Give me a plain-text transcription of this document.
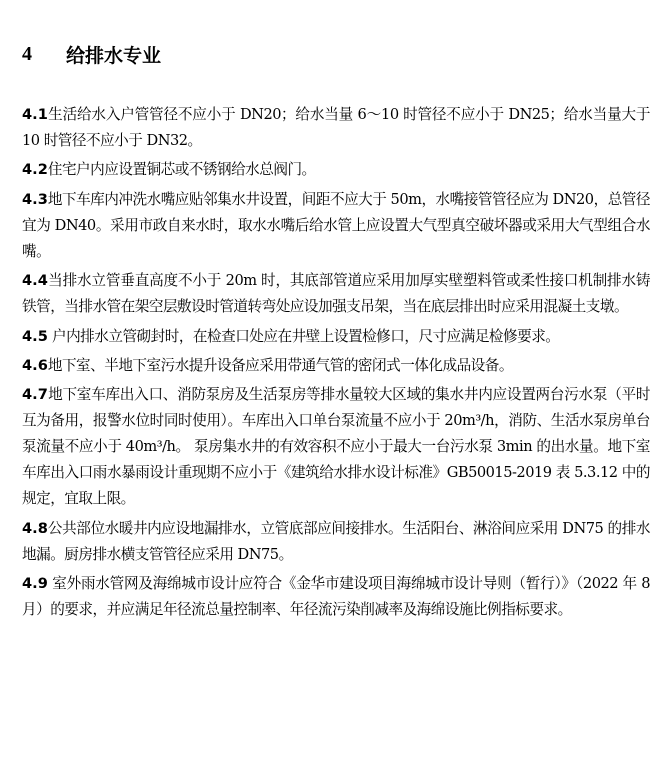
4	给排水专业

4.1生活给水入户管管径不应小于 DN20；给水当量 6～10 时管径不应小于 DN25；给水当量大于 10 时管径不应小于 DN32。

4.2住宅户内应设置铜芯或不锈钢给水总阀门。

4.3地下车库内冲洗水嘴应贴邻集水井设置，间距不应大于 50m，水嘴接管管径应为 DN20，总管径宜为 DN40。采用市政自来水时，取水水嘴后给水管上应设置大气型真空破坏器或采用大气型组合水嘴。

4.4当排水立管垂直高度不小于 20m 时，其底部管道应采用加厚实壁塑料管或柔性接口机制排水铸铁管，当排水管在架空层敷设时管道转弯处应设加强支吊架，当在底层排出时应采用混凝土支墩。

4.5 户内排水立管砌封时，在检查口处应在井壁上设置检修口，尺寸应满足检修要求。

4.6地下室、半地下室污水提升设备应采用带通气管的密闭式一体化成品设备。

4.7地下室车库出入口、消防泵房及生活泵房等排水量较大区域的集水井内应设置两台污水泵（平时互为备用，报警水位时同时使用）。车库出入口单台泵流量不应小于 20m³/h，消防、生活水泵房单台泵流量不应小于 40m³/h。 泵房集水井的有效容积不应小于最大一台污水泵 3min 的出水量。地下室车库出入口雨水暴雨设计重现期不应小于《建筑给水排水设计标准》GB50015-2019 表 5.3.12 中的规定，宜取上限。

4.8公共部位水暖井内应设地漏排水，立管底部应间接排水。生活阳台、淋浴间应采用 DN75 的排水地漏。厨房排水横支管管径应采用 DN75。

4.9 室外雨水管网及海绵城市设计应符合《金华市建设项目海绵城市设计导则（暂行）》（2022 年 8 月）的要求，并应满足年径流总量控制率、年径流污染削减率及海绵设施比例指标要求。
